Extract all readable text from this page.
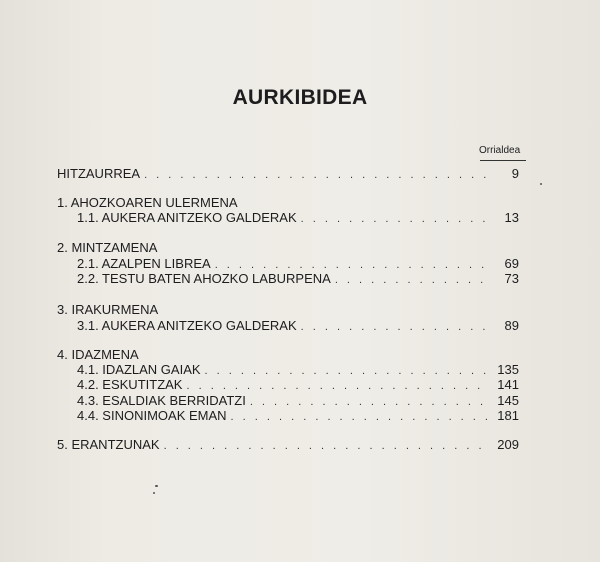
AURKIBIDEA
Orrialdea
HITZAURREA . . .	9
1. AHOZKOAREN ULERMENA
1.1. AUKERA ANITZEKO GALDERAK . . .	13
2. MINTZAMENA
2.1. AZALPEN LIBREA . . .	69
2.2. TESTU BATEN AHOZKO LABURPENA . . .	73
3. IRAKURMENA
3.1. AUKERA ANITZEKO GALDERAK . . .	89
4. IDAZMENA
4.1. IDAZLAN GAIAK . . .	135
4.2. ESKUTITZAK . . .	141
4.3. ESALDIAK BERRIDATZI . . .	145
4.4. SINONIMOAK EMAN . . .	181
5. ERANTZUNAK . . .	209
